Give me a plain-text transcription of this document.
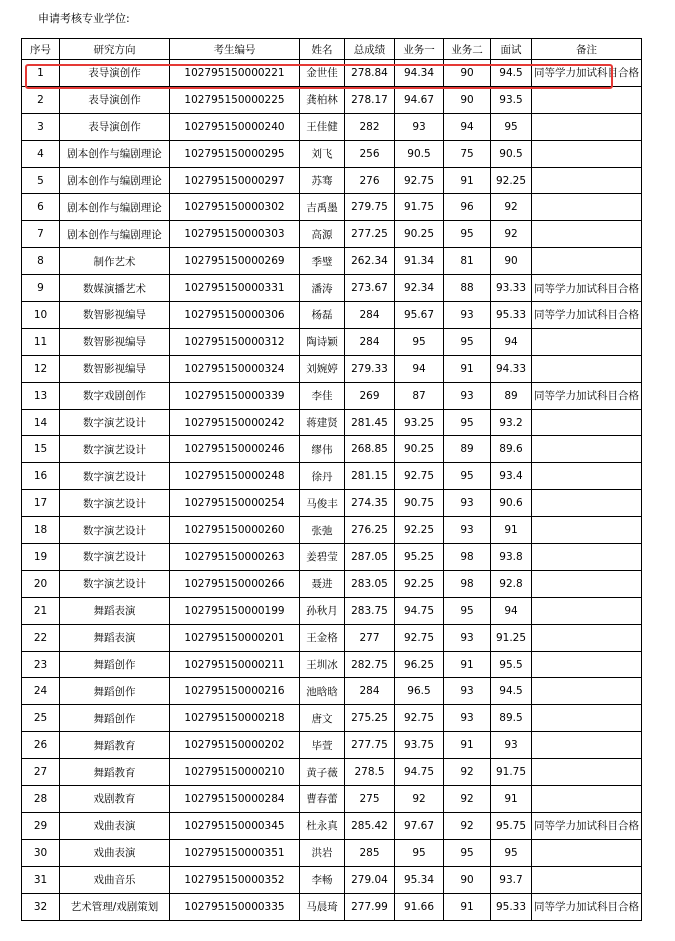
申请考核专业学位:
序号	研究方向	考生编号	姓名	总成绩	业务一	业务二	面试	备注
1	表导演创作	102795150000221	金世佳	278.84	94.34	90	94.5	同等学力加试科目合格
2	表导演创作	102795150000225	龚柏林	278.17	94.67	90	93.5	
3	表导演创作	102795150000240	王佳健	282	93	94	95	
4	剧本创作与编剧理论	102795150000295	刘飞	256	90.5	75	90.5	
5	剧本创作与编剧理论	102795150000297	苏骞	276	92.75	91	92.25	
6	剧本创作与编剧理论	102795150000302	吉禹墨	279.75	91.75	96	92	
7	剧本创作与编剧理论	102795150000303	高源	277.25	90.25	95	92	
8	制作艺术	102795150000269	季璧	262.34	91.34	81	90	
9	数媒演播艺术	102795150000331	潘涛	273.67	92.34	88	93.33	同等学力加试科目合格
10	数智影视编导	102795150000306	杨磊	284	95.67	93	95.33	同等学力加试科目合格
11	数智影视编导	102795150000312	陶诗颖	284	95	95	94	
12	数智影视编导	102795150000324	刘婉婷	279.33	94	91	94.33	
13	数字戏剧创作	102795150000339	李佳	269	87	93	89	同等学力加试科目合格
14	数字演艺设计	102795150000242	蒋建贤	281.45	93.25	95	93.2	
15	数字演艺设计	102795150000246	缪伟	268.85	90.25	89	89.6	
16	数字演艺设计	102795150000248	徐丹	281.15	92.75	95	93.4	
17	数字演艺设计	102795150000254	马俊丰	274.35	90.75	93	90.6	
18	数字演艺设计	102795150000260	张弛	276.25	92.25	93	91	
19	数字演艺设计	102795150000263	姜碧莹	287.05	95.25	98	93.8	
20	数字演艺设计	102795150000266	聂进	283.05	92.25	98	92.8	
21	舞蹈表演	102795150000199	孙秋月	283.75	94.75	95	94	
22	舞蹈表演	102795150000201	王金格	277	92.75	93	91.25	
23	舞蹈创作	102795150000211	王圳冰	282.75	96.25	91	95.5	
24	舞蹈创作	102795150000216	池晗晗	284	96.5	93	94.5	
25	舞蹈创作	102795150000218	唐文	275.25	92.75	93	89.5	
26	舞蹈教育	102795150000202	毕萱	277.75	93.75	91	93	
27	舞蹈教育	102795150000210	黄子薇	278.5	94.75	92	91.75	
28	戏剧教育	102795150000284	曹春蕾	275	92	92	91	
29	戏曲表演	102795150000345	杜永真	285.42	97.67	92	95.75	同等学力加试科目合格
30	戏曲表演	102795150000351	洪岩	285	95	95	95	
31	戏曲音乐	102795150000352	李畅	279.04	95.34	90	93.7	
32	艺术管理/戏剧策划	102795150000335	马晨琦	277.99	91.66	91	95.33	同等学力加试科目合格
